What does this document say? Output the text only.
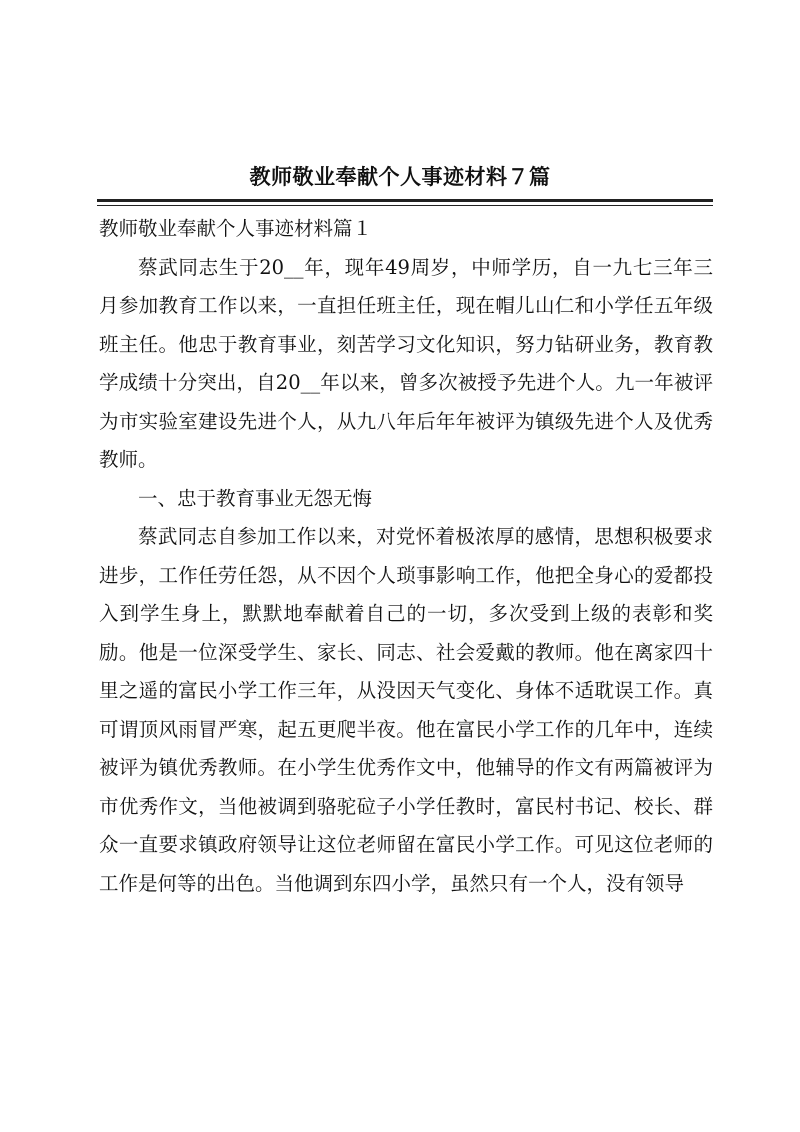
教师敬业奉献个人事迹材料７篇

教师敬业奉献个人事迹材料篇１

蔡武同志生于20__年，现年49周岁，中师学历，自一九七三年三月参加教育工作以来，一直担任班主任，现在帽儿山仁和小学任五年级班主任。他忠于教育事业，刻苦学习文化知识，努力钻研业务，教育教学成绩十分突出，自20__年以来，曾多次被授予先进个人。九一年被评为市实验室建设先进个人，从九八年后年年被评为镇级先进个人及优秀教师。

一、忠于教育事业无怨无悔

蔡武同志自参加工作以来，对党怀着极浓厚的感情，思想积极要求进步，工作任劳任怨，从不因个人琐事影响工作，他把全身心的爱都投入到学生身上，默默地奉献着自己的一切，多次受到上级的表彰和奖励。他是一位深受学生、家长、同志、社会爱戴的教师。他在离家四十里之遥的富民小学工作三年，从没因天气变化、身体不适耽误工作。真可谓顶风雨冒严寒，起五更爬半夜。他在富民小学工作的几年中，连续被评为镇优秀教师。在小学生优秀作文中，他辅导的作文有两篇被评为市优秀作文，当他被调到骆驼砬子小学任教时，富民村书记、校长、群众一直要求镇政府领导让这位老师留在富民小学工作。可见这位老师的工作是何等的出色。当他调到东四小学，虽然只有一个人，没有领导
